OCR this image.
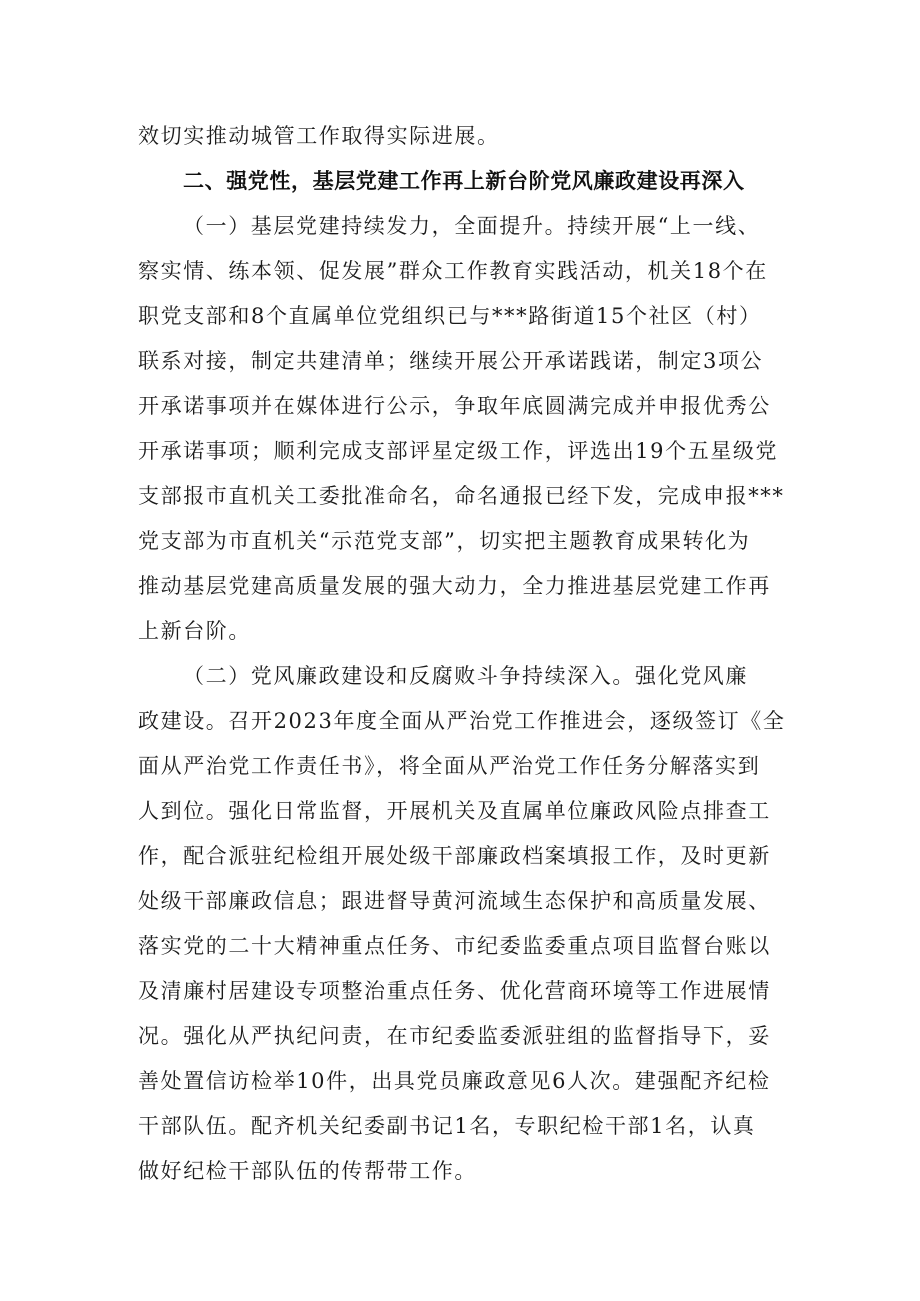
效切实推动城管工作取得实际进展。
二、强党性，基层党建工作再上新台阶党风廉政建设再深入
（一）基层党建持续发力，全面提升。持续开展“上一线、
察实情、练本领、促发展”群众工作教育实践活动，机关18个在
职党支部和8个直属单位党组织已与***路街道15个社区（村）
联系对接，制定共建清单；继续开展公开承诺践诺，制定3项公
开承诺事项并在媒体进行公示，争取年底圆满完成并申报优秀公
开承诺事项；顺利完成支部评星定级工作，评选出19个五星级党
支部报市直机关工委批准命名，命名通报已经下发，完成申报***
党支部为市直机关“示范党支部”，切实把主题教育成果转化为
推动基层党建高质量发展的强大动力，全力推进基层党建工作再
上新台阶。
（二）党风廉政建设和反腐败斗争持续深入。强化党风廉
政建设。召开2023年度全面从严治党工作推进会，逐级签订《全
面从严治党工作责任书》，将全面从严治党工作任务分解落实到
人到位。强化日常监督，开展机关及直属单位廉政风险点排查工
作，配合派驻纪检组开展处级干部廉政档案填报工作，及时更新
处级干部廉政信息；跟进督导黄河流域生态保护和高质量发展、
落实党的二十大精神重点任务、市纪委监委重点项目监督台账以
及清廉村居建设专项整治重点任务、优化营商环境等工作进展情
况。强化从严执纪问责，在市纪委监委派驻组的监督指导下，妥
善处置信访检举10件，出具党员廉政意见6人次。建强配齐纪检
干部队伍。配齐机关纪委副书记1名，专职纪检干部1名，认真
做好纪检干部队伍的传帮带工作。
